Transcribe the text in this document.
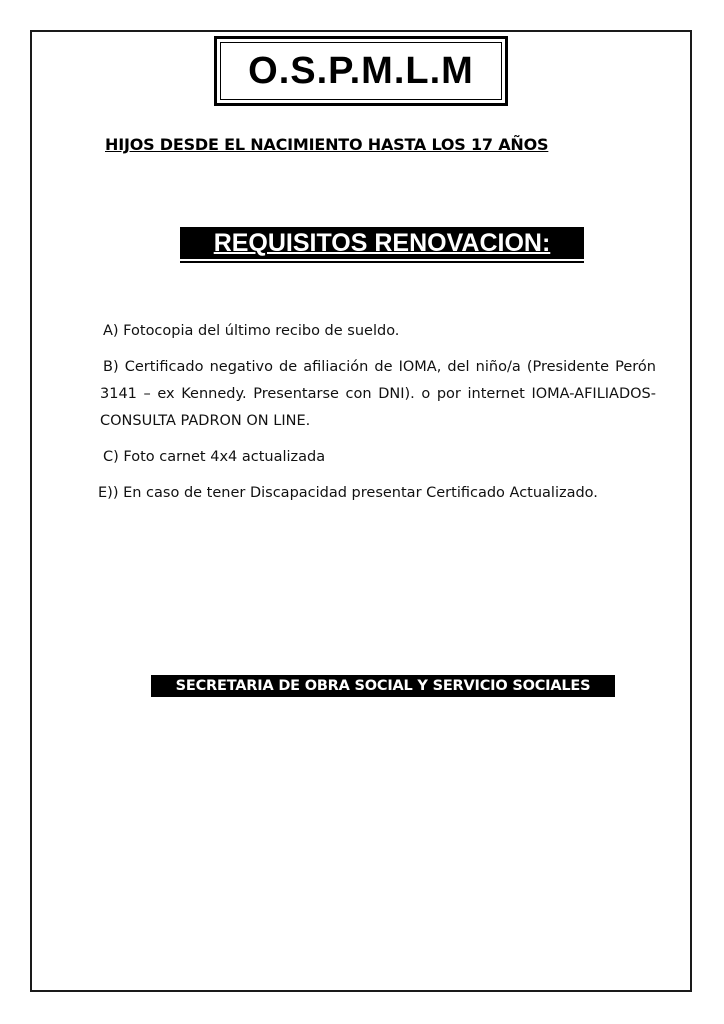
O.S.P.M.L.M
HIJOS DESDE EL NACIMIENTO HASTA LOS 17 AÑOS
REQUISITOS RENOVACION:

A) Fotocopia del último recibo de sueldo.

B) Certificado negativo de afiliación de IOMA, del niño/a (Presidente Perón 3141 – ex Kennedy. Presentarse con DNI). o por internet IOMA-AFILIADOS- CONSULTA PADRON ON LINE.

C) Foto carnet 4x4 actualizada

E)) En caso de tener Discapacidad presentar Certificado Actualizado.

SECRETARIA DE OBRA SOCIAL Y SERVICIO SOCIALES
